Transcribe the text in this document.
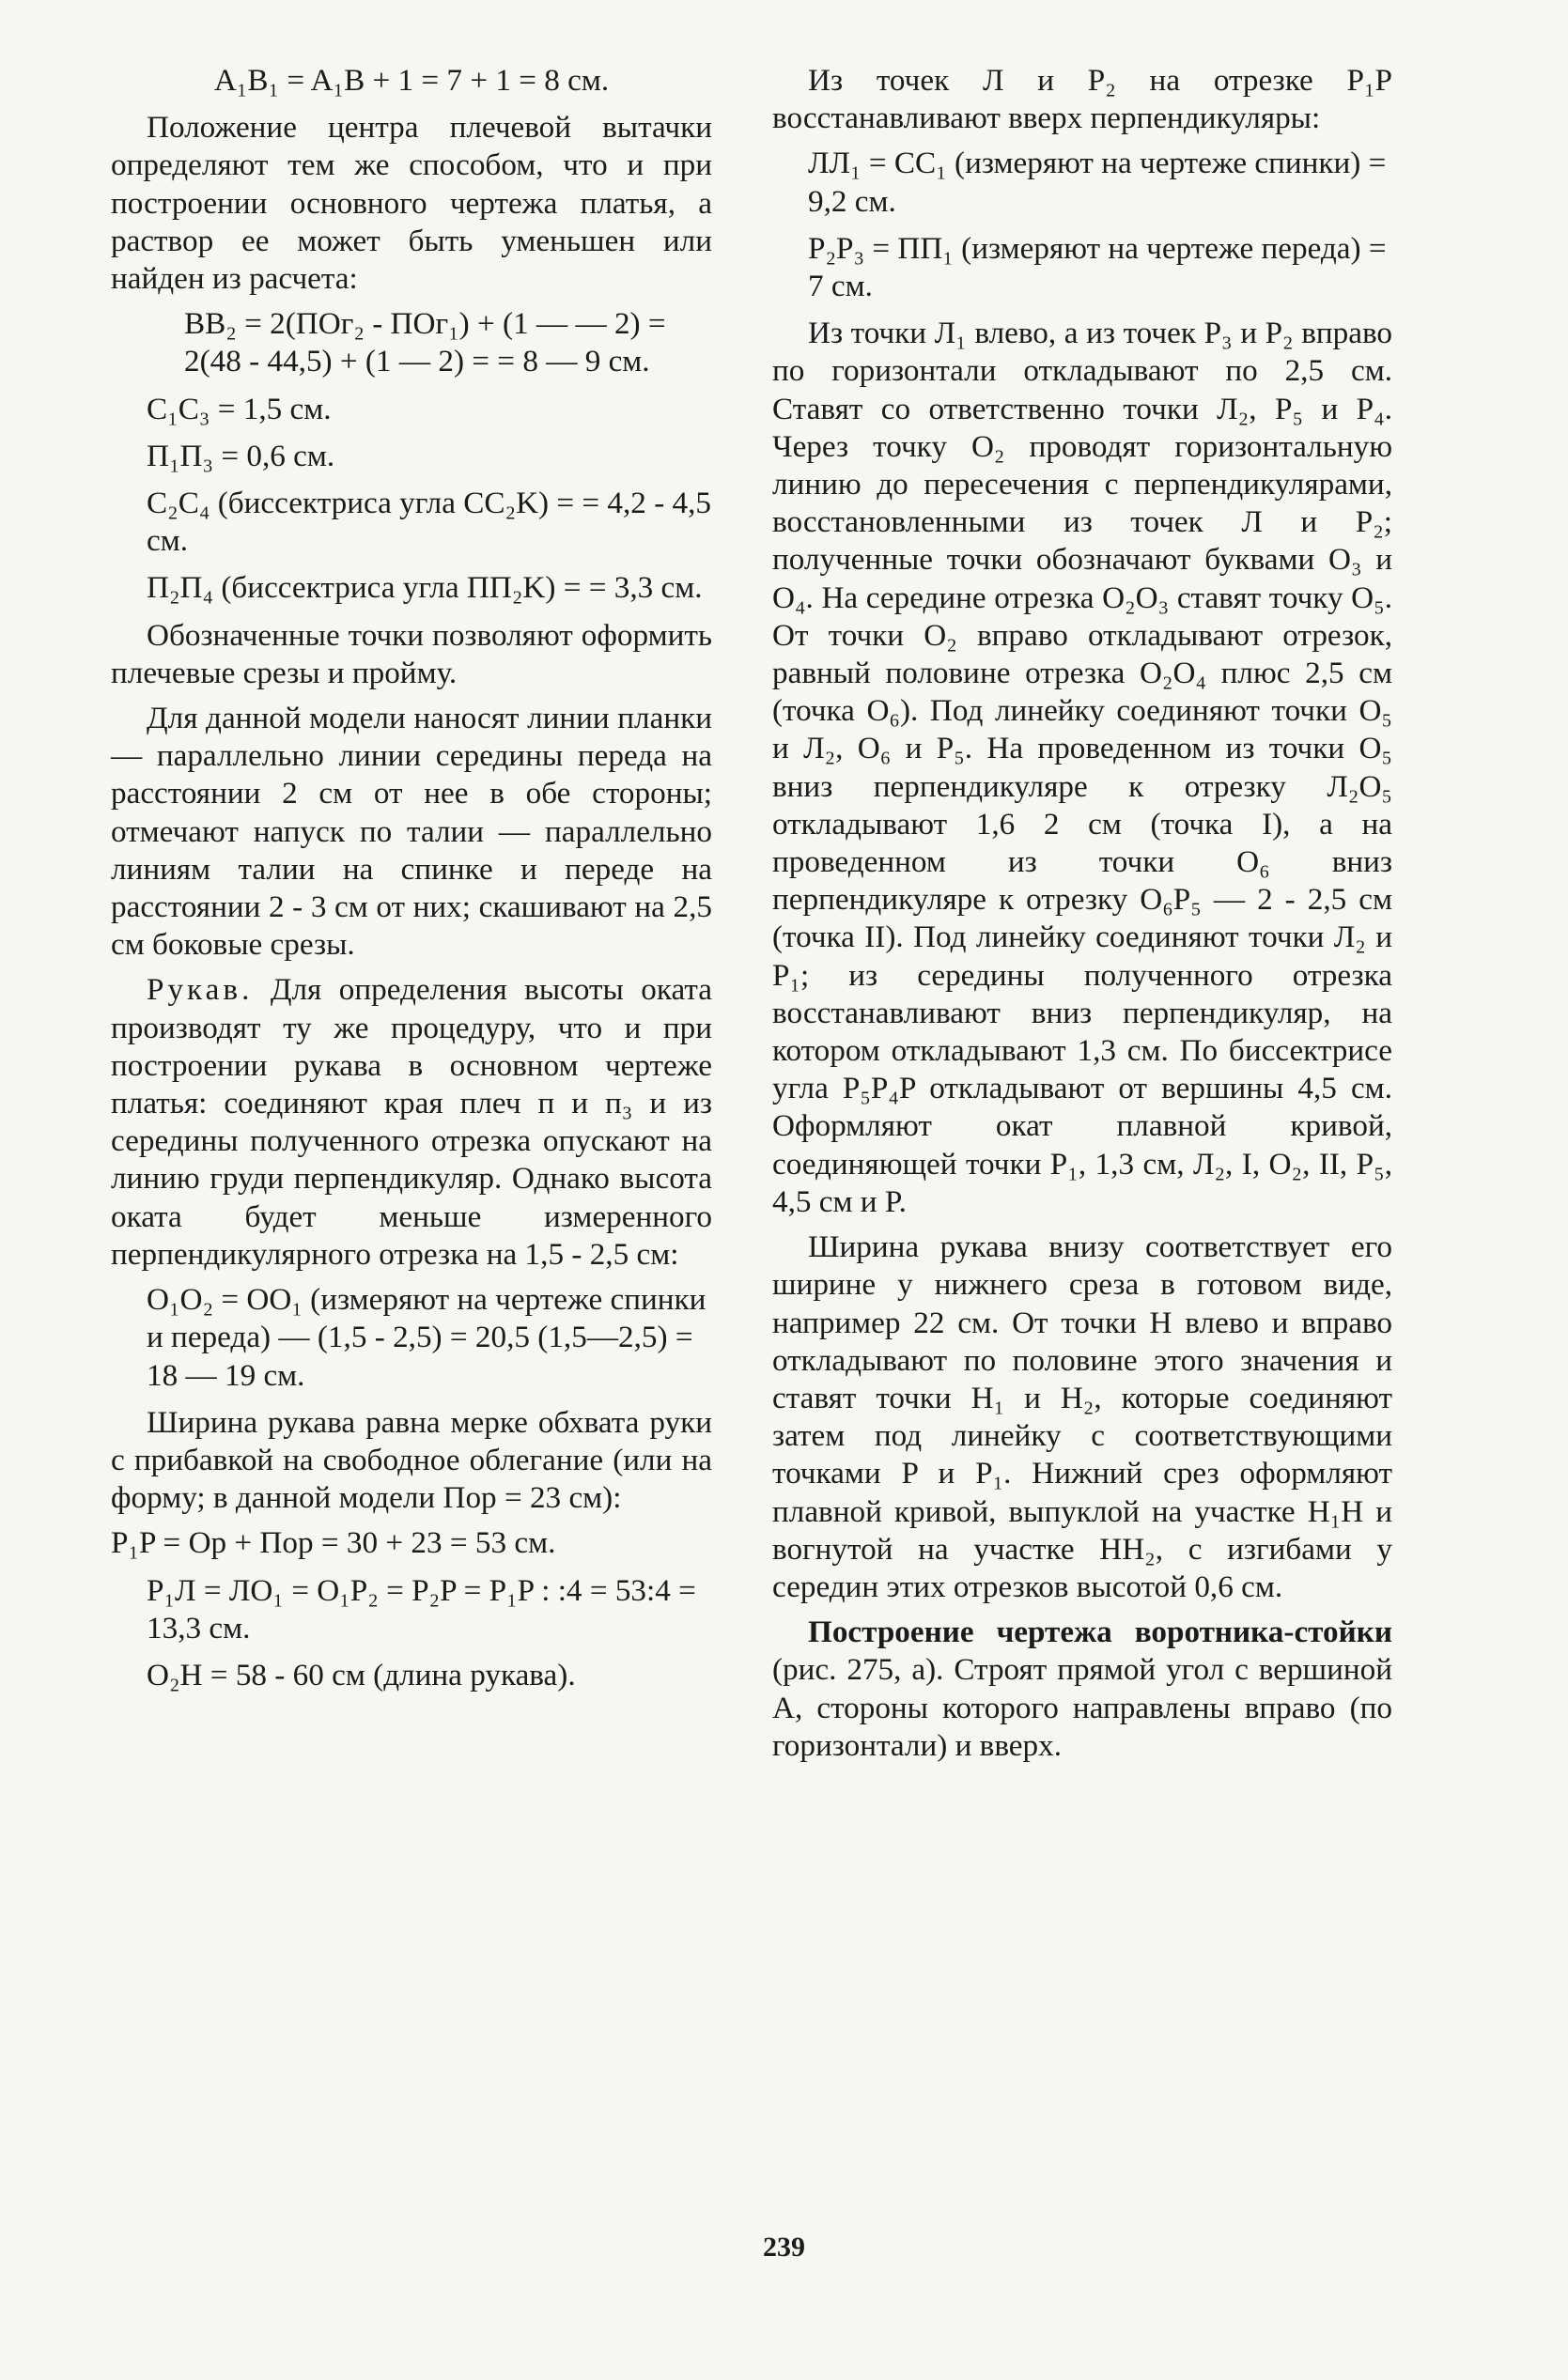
A₁B₁ = A₁B + 1 = 7 + 1 = 8 см.

Положение центра плечевой вытачки определяют тем же способом, что и при построении основного чертежа платья, а раствор ее может быть уменьшен или найден из расчета:

BB₂ = 2(ПОг₂ - ПОг₁) + (1 — — 2) = 2(48 - 44,5) + (1 — 2) = = 8 — 9 см.
C₁C₃ = 1,5 см.
П₁П₃ = 0,6 см.
C₂C₄ (биссектриса угла CC₂K) = = 4,2 - 4,5 см.
П₂П₄ (биссектриса угла ПП₂K) = = 3,3 см.

Обозначенные точки позволяют оформить плечевые срезы и пройму.

Для данной модели наносят линии планки — параллельно линии середины переда на расстоянии 2 см от нее в обе стороны; отмечают напуск по талии — параллельно линиям талии на спинке и переде на расстоянии 2 - 3 см от них; скашивают на 2,5 см боковые срезы.

Рукав. Для определения высоты оката производят ту же процедуру, что и при построении рукава в основном чертеже платья: соединяют края плеч п и п₃ и из середины полученного отрезка опускают на линию груди перпендикуляр. Однако высота оката будет меньше измеренного перпендикулярного отрезка на 1,5 - 2,5 см:

O₁O₂ = OO₁ (измеряют на чертеже спинки и переда) — (1,5 - 2,5) = 20,5 (1,5—2,5) = 18 — 19 см.

Ширина рукава равна мерке обхвата руки с прибавкой на свободное облегание (или на форму; в данной модели Пор = 23 см):

P₁P = Op + Пор = 30 + 23 = 53 см.
P₁Л = ЛО₁ = O₁P₂ = P₂P = P₁P : :4 = 53:4 = 13,3 см.
O₂H = 58 - 60 см (длина рукава).

Из точек Л и P₂ на отрезке P₁P восстанавливают вверх перпендикуляры:

ЛЛ₁ = CC₁ (измеряют на чертеже спинки) = 9,2 см.
P₂P₃ = ПП₁ (измеряют на чертеже переда) = 7 см.

Из точки Л₁ влево, а из точек P₃ и P₂ вправо по горизонтали откладывают по 2,5 см. Ставят со ответственно точки Л₂, P₅ и P₄. Через точку O₂ проводят горизонтальную линию до пересечения с перпендикулярами, восстановленными из точек Л и P₂; полученные точки обозначают буквами O₃ и O₄. На середине отрезка O₂O₃ ставят точку O₅. От точки O₂ вправо откладывают отрезок, равный половине отрезка O₂O₄ плюс 2,5 см (точка O₆). Под линейку соединяют точки O₅ и Л₂, O₆ и P₅. На проведенном из точки O₅ вниз перпендикуляре к отрезку Л₂O₅ откладывают 1,6 2 см (точка I), а на проведенном из точки O₆ вниз перпендикуляре к отрезку O₆P₅ — 2 - 2,5 см (точка II). Под линейку соединяют точки Л₂ и P₁; из середины полученного отрезка восстанавливают вниз перпендикуляр, на котором откладывают 1,3 см. По биссектрисе угла P₅P₄P откладывают от вершины 4,5 см. Оформляют окат плавной кривой, соединяющей точки P₁, 1,3 см, Л₂, I, O₂, II, P₅, 4,5 см и P.

Ширина рукава внизу соответствует его ширине у нижнего среза в готовом виде, например 22 см. От точки H влево и вправо откладывают по половине этого значения и ставят точки H₁ и H₂, которые соединяют затем под линейку с соответствующими точками P и P₁. Нижний срез оформляют плавной кривой, выпуклой на участке H₁H и вогнутой на участке HH₂, с изгибами у середин этих отрезков высотой 0,6 см.

Построение чертежа воротника-стойки (рис. 275, а). Строят прямой угол с вершиной A, стороны которого направлены вправо (по горизонтали) и вверх.

239
